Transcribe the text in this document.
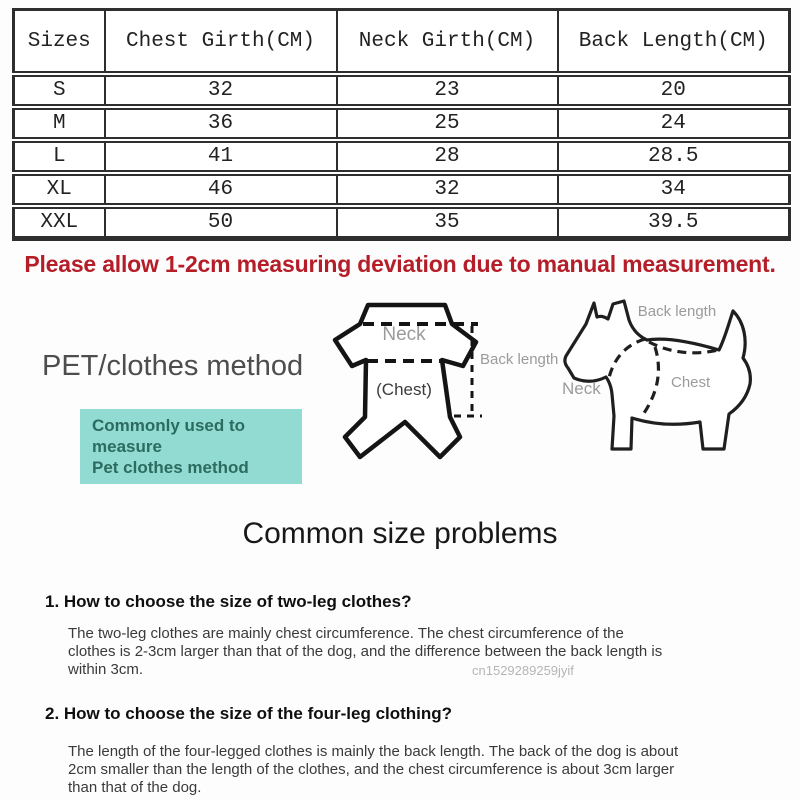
Sizes	Chest Girth(CM)	Neck Girth(CM)	Back Length(CM)
S	32	23	20
M	36	25	24
L	41	28	28.5
XL	46	32	34
XXL	50	35	39.5
Please allow 1-2cm measuring deviation due to manual measurement.
PET/clothes method
Commonly used to measure
Pet clothes method
Neck
(Chest)
Back length
Back length
Neck	Chest
Common size problems
1. How to choose the size of two-leg clothes?
The two-leg clothes are mainly chest circumference. The chest circumference of the
clothes is 2-3cm larger than that of the dog, and the difference between the back length is
within 3cm.	cn1529289259jyif
2. How to choose the size of the four-leg clothing?
The length of the four-legged clothes is mainly the back length. The back of the dog is about
2cm smaller than the length of the clothes, and the chest circumference is about 3cm larger
than that of the dog.
